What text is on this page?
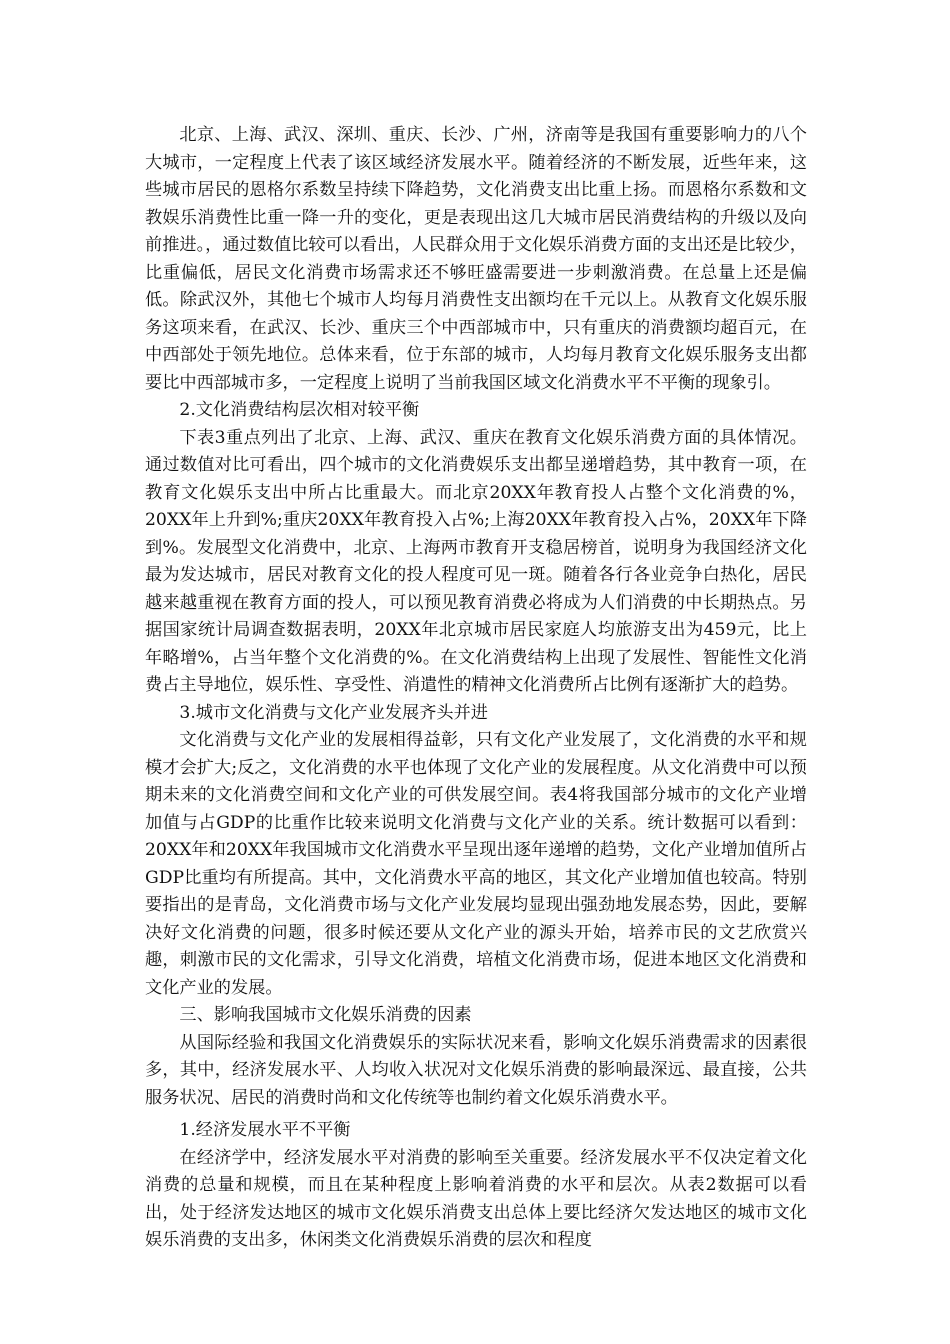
北京、上海、武汉、深圳、重庆、长沙、广州，济南等是我国有重要影响力的八个大城市，一定程度上代表了该区域经济发展水平。随着经济的不断发展，近些年来，这些城市居民的恩格尔系数呈持续下降趋势，文化消费支出比重上扬。而恩格尔系数和文教娱乐消费性比重一降一升的变化，更是表现出这几大城市居民消费结构的升级以及向前推进。，通过数值比较可以看出，人民群众用于文化娱乐消费方面的支出还是比较少，比重偏低，居民文化消费市场需求还不够旺盛需要进一步刺激消费。在总量上还是偏低。除武汉外，其他七个城市人均每月消费性支出额均在千元以上。从教育文化娱乐服务这项来看，在武汉、长沙、重庆三个中西部城市中，只有重庆的消费额均超百元，在中西部处于领先地位。总体来看，位于东部的城市，人均每月教育文化娱乐服务支出都要比中西部城市多，一定程度上说明了当前我国区域文化消费水平不平衡的现象引。

2.文化消费结构层次相对较平衡

下表3重点列出了北京、上海、武汉、重庆在教育文化娱乐消费方面的具体情况。通过数值对比可看出，四个城市的文化消费娱乐支出都呈递增趋势，其中教育一项，在教育文化娱乐支出中所占比重最大。而北京20XX年教育投人占整个文化消费的%，20XX年上升到%;重庆20XX年教育投入占%;上海20XX年教育投入占%，20XX年下降到%。发展型文化消费中，北京、上海两市教育开支稳居榜首，说明身为我国经济文化最为发达城市，居民对教育文化的投人程度可见一斑。随着各行各业竞争白热化，居民越来越重视在教育方面的投人，可以预见教育消费必将成为人们消费的中长期热点。另据国家统计局调查数据表明，20XX年北京城市居民家庭人均旅游支出为459元，比上年略增%，占当年整个文化消费的%。在文化消费结构上出现了发展性、智能性文化消费占主导地位，娱乐性、享受性、消遣性的精神文化消费所占比例有逐渐扩大的趋势。

3.城市文化消费与文化产业发展齐头并进

文化消费与文化产业的发展相得益彰，只有文化产业发展了，文化消费的水平和规模才会扩大;反之，文化消费的水平也体现了文化产业的发展程度。从文化消费中可以预期未来的文化消费空间和文化产业的可供发展空间。表4将我国部分城市的文化产业增加值与占GDP的比重作比较来说明文化消费与文化产业的关系。统计数据可以看到：20XX年和20XX年我国城市文化消费水平呈现出逐年递增的趋势，文化产业增加值所占GDP比重均有所提高。其中，文化消费水平高的地区，其文化产业增加值也较高。特别要指出的是青岛，文化消费市场与文化产业发展均显现出强劲地发展态势，因此，要解决好文化消费的问题，很多时候还要从文化产业的源头开始，培养市民的文艺欣赏兴趣，刺激市民的文化需求，引导文化消费，培植文化消费市场，促进本地区文化消费和文化产业的发展。

三、影响我国城市文化娱乐消费的因素

从国际经验和我国文化消费娱乐的实际状况来看，影响文化娱乐消费需求的因素很多，其中，经济发展水平、人均收入状况对文化娱乐消费的影响最深远、最直接，公共服务状况、居民的消费时尚和文化传统等也制约着文化娱乐消费水平。

1.经济发展水平不平衡

在经济学中，经济发展水平对消费的影响至关重要。经济发展水平不仅决定着文化消费的总量和规模，而且在某种程度上影响着消费的水平和层次。从表2数据可以看出，处于经济发达地区的城市文化娱乐消费支出总体上要比经济欠发达地区的城市文化娱乐消费的支出多，休闲类文化消费娱乐消费的层次和程度
